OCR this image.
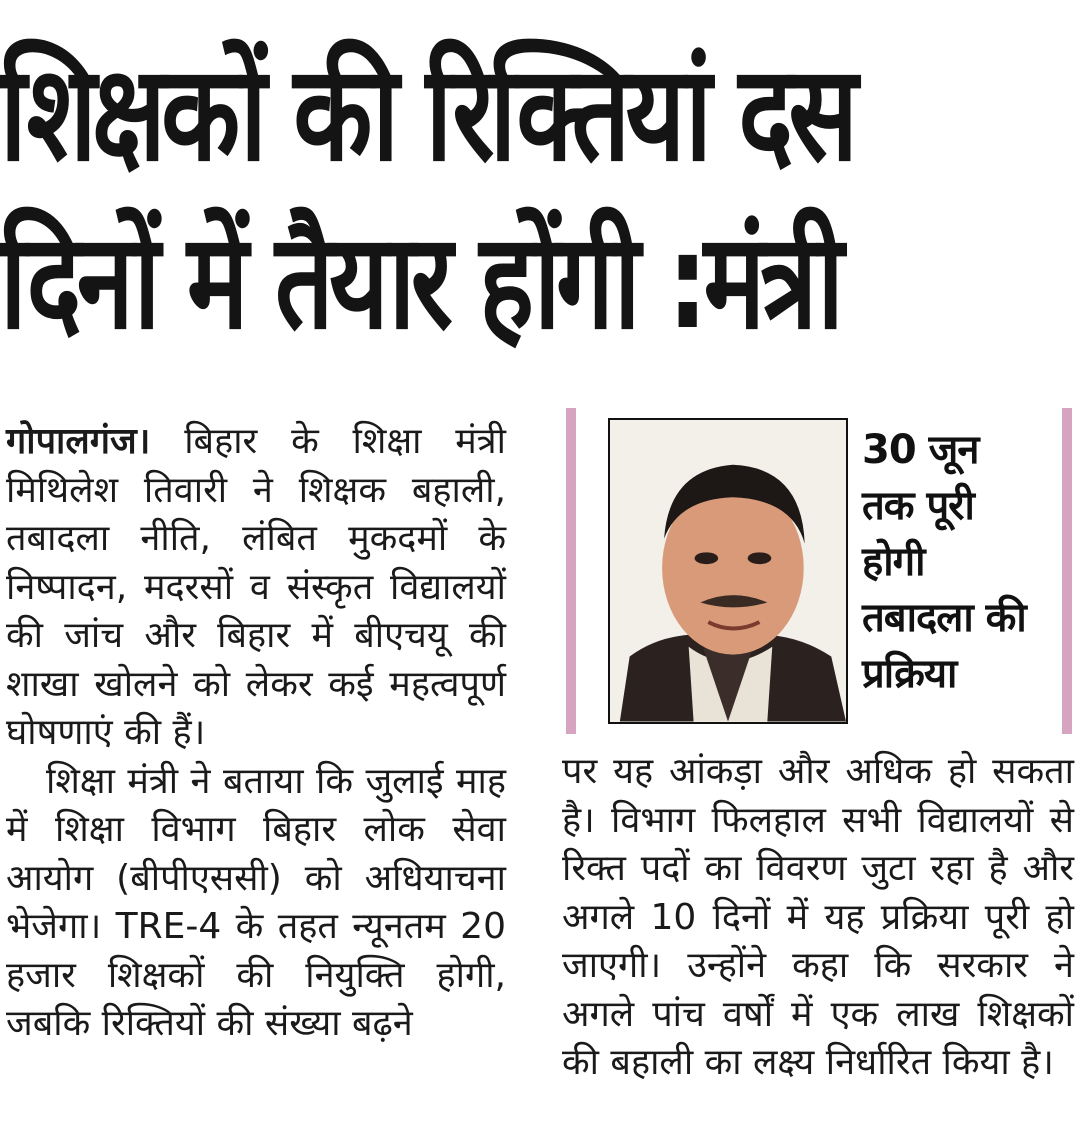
शिक्षकों की रिक्तियां दस
दिनों में तैयार होंगी :मंत्री

गोपालगंज। बिहार के शिक्षा मंत्री मिथिलेश तिवारी ने शिक्षक बहाली, तबादला नीति, लंबित मुकदमों के निष्पादन, मदरसों व संस्कृत विद्यालयों की जांच और बिहार में बीएचयू की शाखा खोलने को लेकर कई महत्वपूर्ण घोषणाएं की हैं।

शिक्षा मंत्री ने बताया कि जुलाई माह में शिक्षा विभाग बिहार लोक सेवा आयोग (बीपीएससी) को अधियाचना भेजेगा। TRE-4 के तहत न्यूनतम 20 हजार शिक्षकों की नियुक्ति होगी, जबकि रिक्तियों की संख्या बढ़ने

30 जून
तक पूरी
होगी
तबादला की
प्रक्रिया

पर यह आंकड़ा और अधिक हो सकता है। विभाग फिलहाल सभी विद्यालयों से रिक्त पदों का विवरण जुटा रहा है और अगले 10 दिनों में यह प्रक्रिया पूरी हो जाएगी। उन्होंने कहा कि सरकार ने अगले पांच वर्षों में एक लाख शिक्षकों की बहाली का लक्ष्य निर्धारित किया है।
